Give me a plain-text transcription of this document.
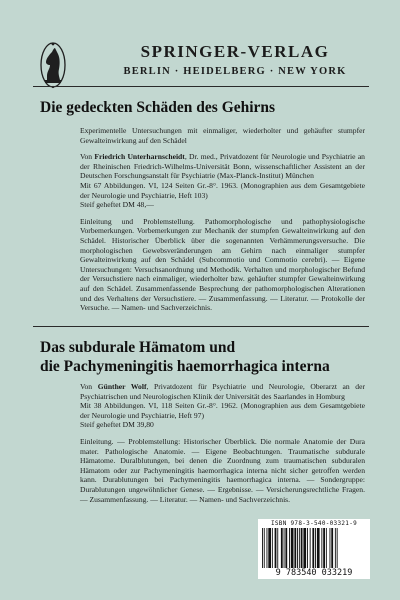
SPRINGER-VERLAG
BERLIN · HEIDELBERG · NEW YORK
Die gedeckten Schäden des Gehirns

Experimentelle Untersuchungen mit einmaliger, wiederholter und gehäufter stumpfer Gewalteinwirkung auf den Schädel

Von Friedrich Unterharnscheidt, Dr. med., Privatdozent für Neurologie und Psychiatrie an der Rheinischen Friedrich-Wilhelms-Universität Bonn, wissenschaftlicher Assistent an der Deutschen Forschungsanstalt für Psychiatrie (Max-Planck-Institut) München
Mit 67 Abbildungen. VI, 124 Seiten Gr.-8°. 1963. (Monographien aus dem Gesamtgebiete der Neurologie und Psychiatrie, Heft 103)
Steif geheftet DM 48,—

Einleitung und Problemstellung. Pathomorphologische und pathophysiologische Vorbemerkungen. Vorbemerkungen zur Mechanik der stumpfen Gewalteinwirkung auf den Schädel. Historischer Überblick über die sogenannten Verhämmerungsversuche. Die morphologischen Gewebsveränderungen am Gehirn nach einmaliger stumpfer Gewalteinwirkung auf den Schädel (Subcommotio und Commotio cerebri). — Eigene Untersuchungen: Versuchsanordnung und Methodik. Verhalten und morphologischer Befund der Versuchstiere nach einmaliger, wiederholter bzw. gehäufter stumpfer Gewalteinwirkung auf den Schädel. Zusammenfassende Besprechung der pathomorphologischen Alterationen und des Verhaltens der Versuchstiere. — Zusammenfassung. — Literatur. — Protokolle der Versuche. — Namen- und Sachverzeichnis.

Das subdurale Hämatom und
die Pachymeningitis haemorrhagica interna

Von Günther Wolf, Privatdozent für Psychiatrie und Neurologie, Oberarzt an der Psychiatrischen und Neurologischen Klinik der Universität des Saarlandes in Homburg
Mit 38 Abbildungen. VI, 118 Seiten Gr.-8°. 1962. (Monographien aus dem Gesamtgebiete der Neurologie und Psychiatrie, Heft 97)
Steif geheftet DM 39,80

Einleitung. — Problemstellung: Historischer Überblick. Die normale Anatomie der Dura mater. Pathologische Anatomie. — Eigene Beobachtungen. Traumatische subdurale Hämatome. Duralblutungen, bei denen die Zuordnung zum traumatischen subduralen Hämatom oder zur Pachymeningitis haemorrhagica interna nicht sicher getroffen werden kann. Durablutungen bei Pachymeningitis haemorrhagica interna. — Sondergruppe: Durablutungen ungewöhnlicher Genese. — Ergebnisse. — Versicherungsrechtliche Fragen. — Zusammenfassung. — Literatur. — Namen- und Sachverzeichnis.

ISBN 978-3-540-03321-9
9 783540 033219
